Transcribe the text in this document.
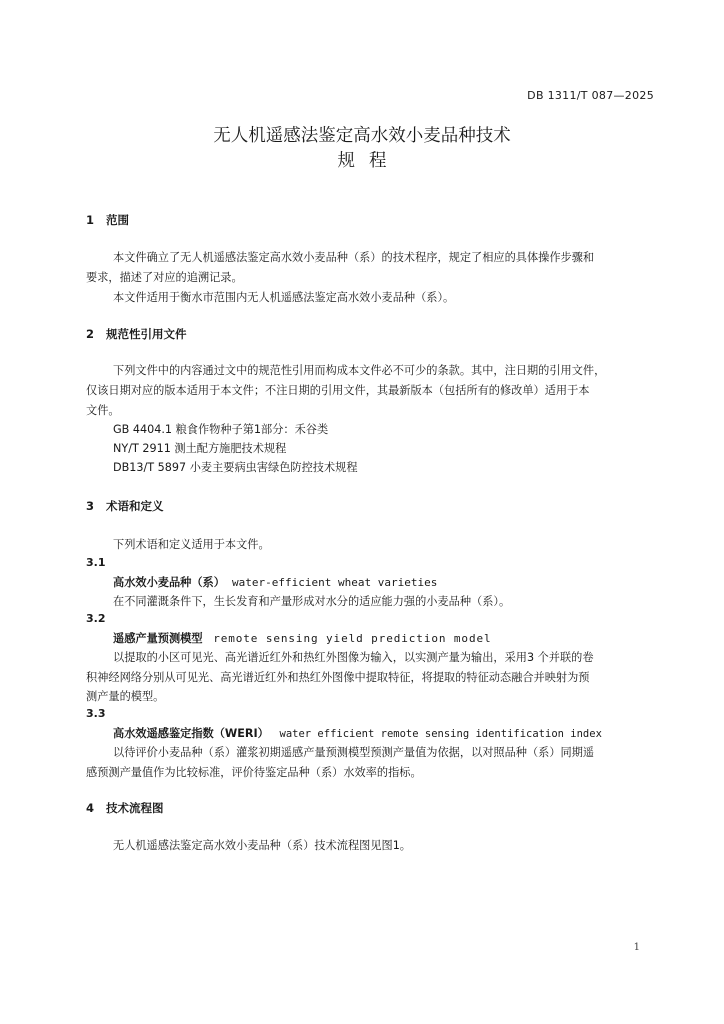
DB 1311/T 087—2025
无人机遥感法鉴定高水效小麦品种技术
规程
1 范围
本文件确立了无人机遥感法鉴定高水效小麦品种（系）的技术程序，规定了相应的具体操作步骤和
要求，描述了对应的追溯记录。
本文件适用于衡水市范围内无人机遥感法鉴定高水效小麦品种（系）。
2 规范性引用文件
下列文件中的内容通过文中的规范性引用而构成本文件必不可少的条款。其中，注日期的引用文件，
仅该日期对应的版本适用于本文件；不注日期的引用文件，其最新版本（包括所有的修改单）适用于本
文件。
GB 4404.1 粮食作物种子第1部分：禾谷类
NY/T 2911 测土配方施肥技术规程
DB13/T 5897 小麦主要病虫害绿色防控技术规程
3 术语和定义
下列术语和定义适用于本文件。
3.1
高水效小麦品种（系） water-efficient wheat varieties
在不同灌溉条件下，生长发育和产量形成对水分的适应能力强的小麦品种（系）。
3.2
遥感产量预测模型 remote sensing yield prediction model
以提取的小区可见光、高光谱近红外和热红外图像为输入，以实测产量为输出，采用3 个并联的卷
积神经网络分别从可见光、高光谱近红外和热红外图像中提取特征，将提取的特征动态融合并映射为预
测产量的模型。
3.3
高水效遥感鉴定指数（WERI） water efficient remote sensing identification index
以待评价小麦品种（系）灌浆初期遥感产量预测模型预测产量值为依据，以对照品种（系）同期遥
感预测产量值作为比较标准，评价待鉴定品种（系）水效率的指标。
4 技术流程图
无人机遥感法鉴定高水效小麦品种（系）技术流程图见图1。
1
